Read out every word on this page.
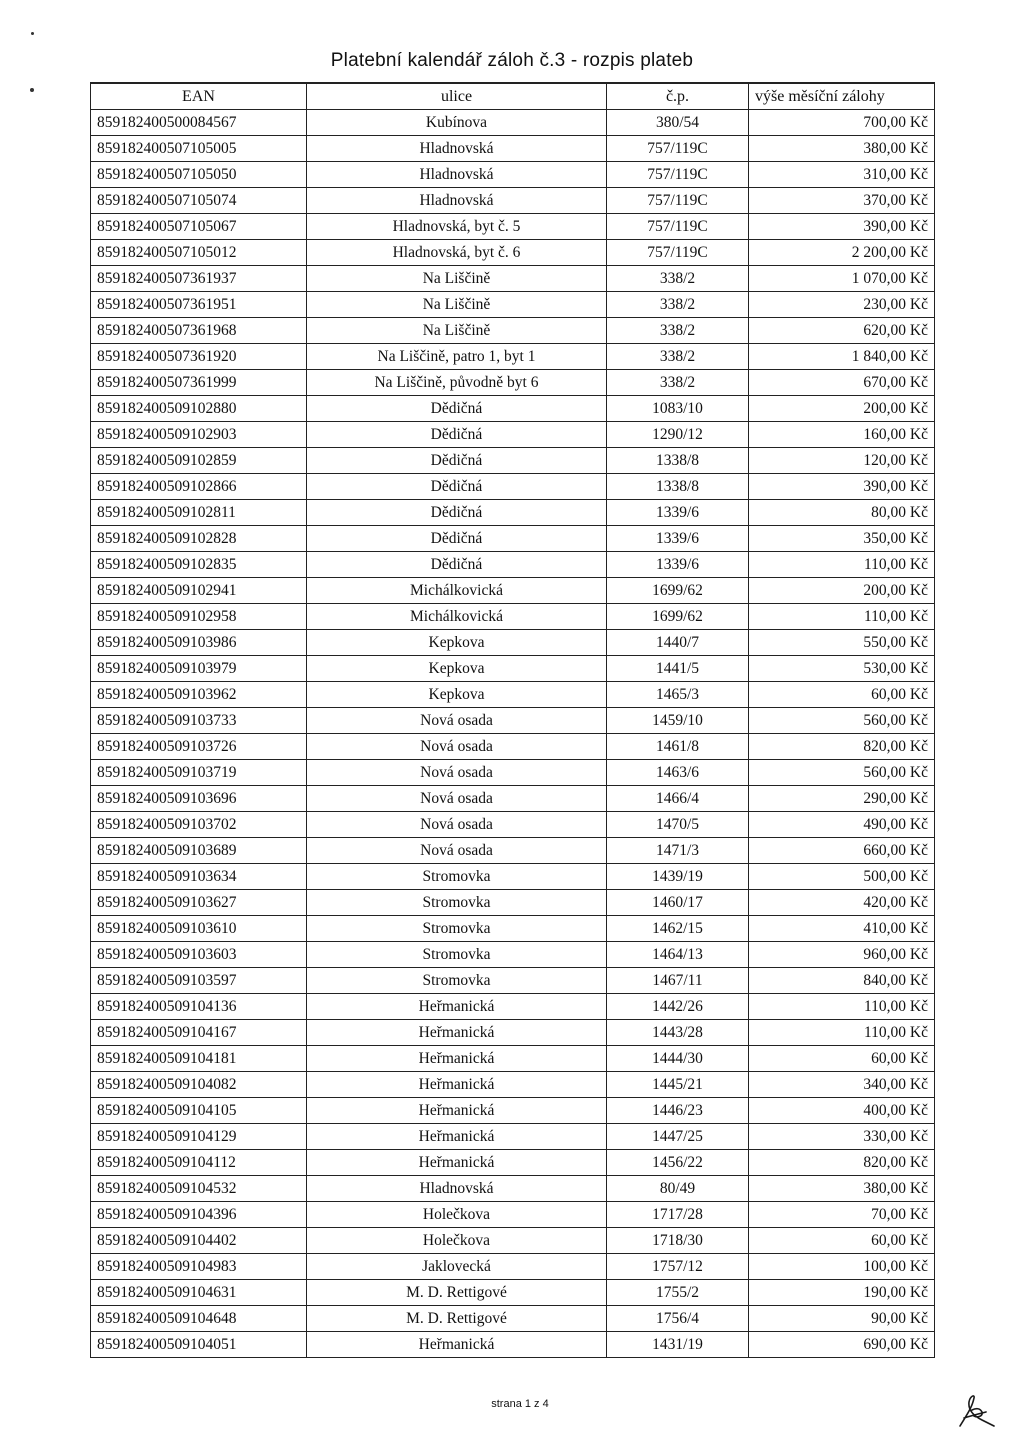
Platební kalendář záloh č.3 - rozpis plateb
EAN	ulice	č.p.	výše měsíční zálohy
859182400500084567	Kubínova	380/54	700,00 Kč
859182400507105005	Hladnovská	757/119C	380,00 Kč
859182400507105050	Hladnovská	757/119C	310,00 Kč
859182400507105074	Hladnovská	757/119C	370,00 Kč
859182400507105067	Hladnovská, byt č. 5	757/119C	390,00 Kč
859182400507105012	Hladnovská, byt č. 6	757/119C	2 200,00 Kč
859182400507361937	Na Liščině	338/2	1 070,00 Kč
859182400507361951	Na Liščině	338/2	230,00 Kč
859182400507361968	Na Liščině	338/2	620,00 Kč
859182400507361920	Na Liščině, patro 1, byt 1	338/2	1 840,00 Kč
859182400507361999	Na Liščině, původně byt 6	338/2	670,00 Kč
859182400509102880	Dědičná	1083/10	200,00 Kč
859182400509102903	Dědičná	1290/12	160,00 Kč
859182400509102859	Dědičná	1338/8	120,00 Kč
859182400509102866	Dědičná	1338/8	390,00 Kč
859182400509102811	Dědičná	1339/6	80,00 Kč
859182400509102828	Dědičná	1339/6	350,00 Kč
859182400509102835	Dědičná	1339/6	110,00 Kč
859182400509102941	Michálkovická	1699/62	200,00 Kč
859182400509102958	Michálkovická	1699/62	110,00 Kč
859182400509103986	Kepkova	1440/7	550,00 Kč
859182400509103979	Kepkova	1441/5	530,00 Kč
859182400509103962	Kepkova	1465/3	60,00 Kč
859182400509103733	Nová osada	1459/10	560,00 Kč
859182400509103726	Nová osada	1461/8	820,00 Kč
859182400509103719	Nová osada	1463/6	560,00 Kč
859182400509103696	Nová osada	1466/4	290,00 Kč
859182400509103702	Nová osada	1470/5	490,00 Kč
859182400509103689	Nová osada	1471/3	660,00 Kč
859182400509103634	Stromovka	1439/19	500,00 Kč
859182400509103627	Stromovka	1460/17	420,00 Kč
859182400509103610	Stromovka	1462/15	410,00 Kč
859182400509103603	Stromovka	1464/13	960,00 Kč
859182400509103597	Stromovka	1467/11	840,00 Kč
859182400509104136	Heřmanická	1442/26	110,00 Kč
859182400509104167	Heřmanická	1443/28	110,00 Kč
859182400509104181	Heřmanická	1444/30	60,00 Kč
859182400509104082	Heřmanická	1445/21	340,00 Kč
859182400509104105	Heřmanická	1446/23	400,00 Kč
859182400509104129	Heřmanická	1447/25	330,00 Kč
859182400509104112	Heřmanická	1456/22	820,00 Kč
859182400509104532	Hladnovská	80/49	380,00 Kč
859182400509104396	Holečkova	1717/28	70,00 Kč
859182400509104402	Holečkova	1718/30	60,00 Kč
859182400509104983	Jaklovecká	1757/12	100,00 Kč
859182400509104631	M. D. Rettigové	1755/2	190,00 Kč
859182400509104648	M. D. Rettigové	1756/4	90,00 Kč
859182400509104051	Heřmanická	1431/19	690,00 Kč
strana 1 z 4
